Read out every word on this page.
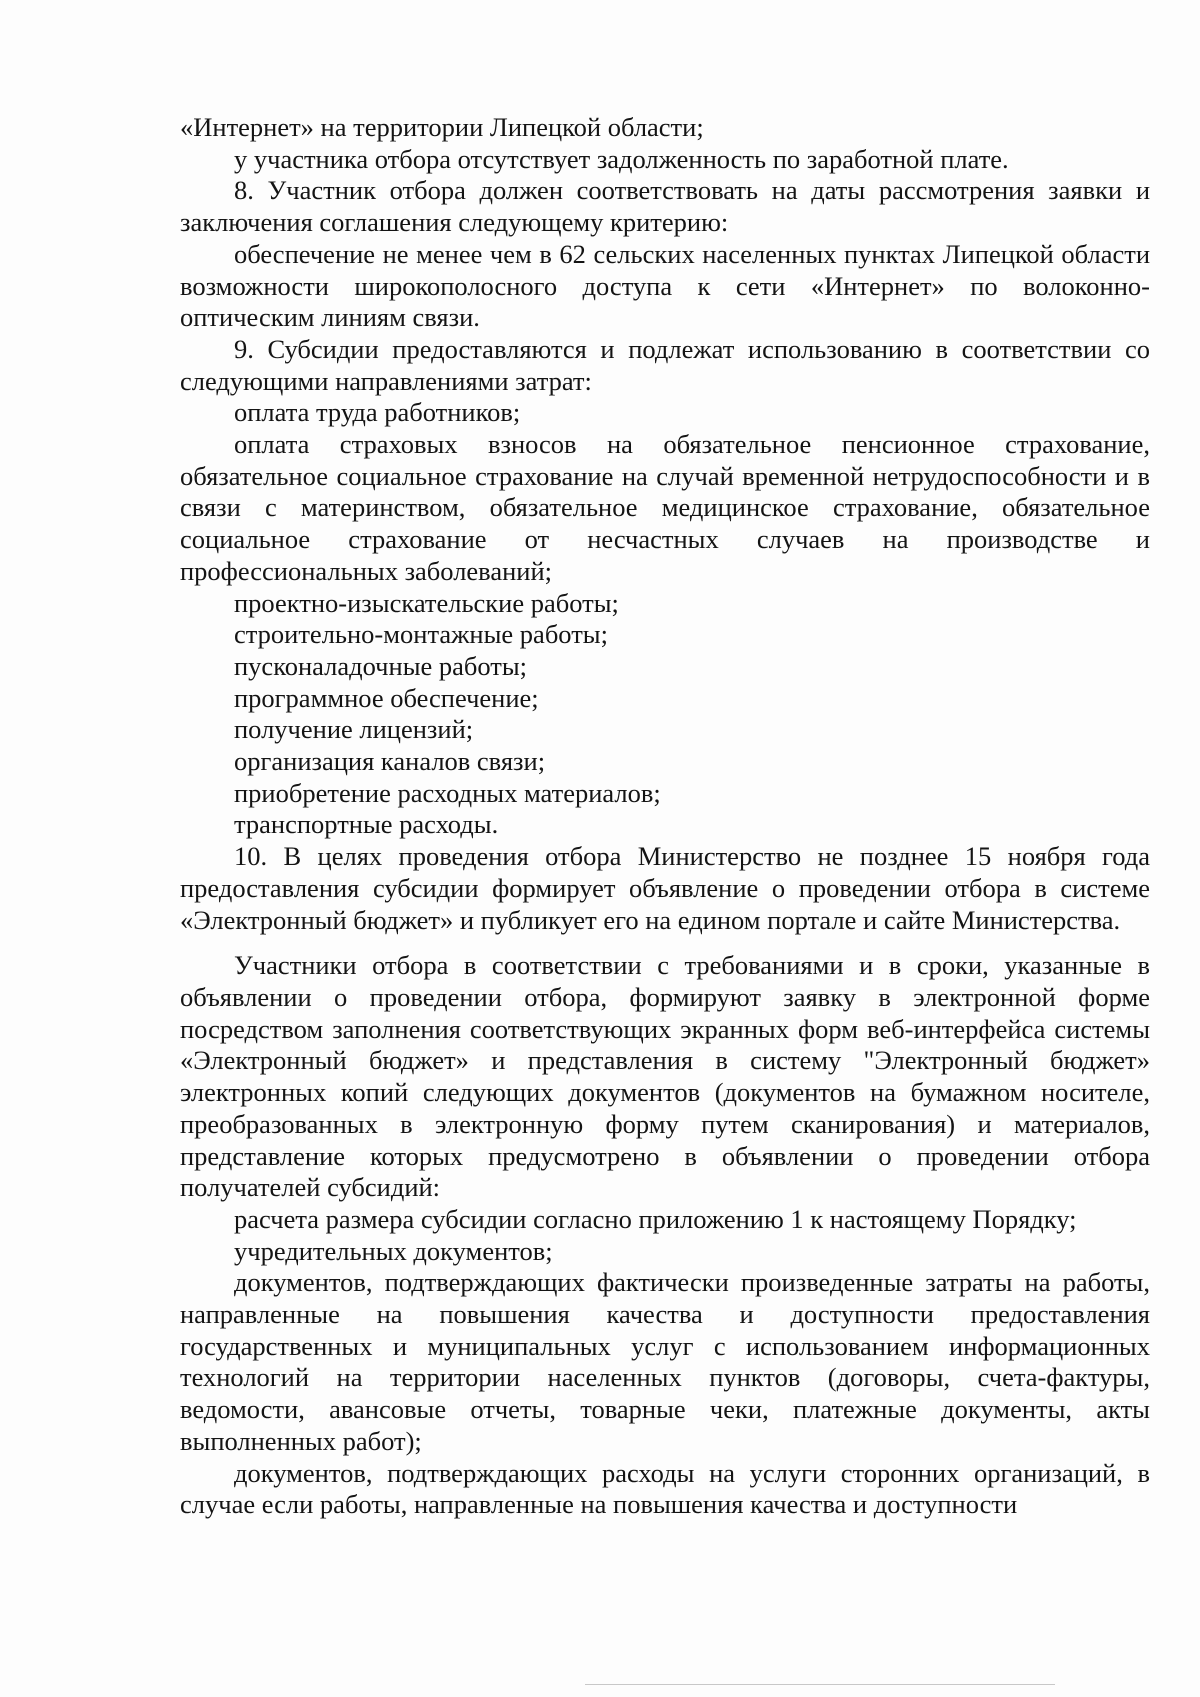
«Интернет» на территории Липецкой области;

у участника отбора отсутствует задолженность по заработной плате.

8. Участник отбора должен соответствовать на даты рассмотрения заявки и заключения соглашения следующему критерию:

обеспечение не менее чем в 62 сельских населенных пунктах Липецкой области возможности широкополосного доступа к сети «Интернет» по волоконно-оптическим линиям связи.

9. Субсидии предоставляются и подлежат использованию в соответствии со следующими направлениями затрат:

оплата труда работников;

оплата страховых взносов на обязательное пенсионное страхование, обязательное социальное страхование на случай временной нетрудоспособности и в связи с материнством, обязательное медицинское страхование, обязательное социальное страхование от несчастных случаев на производстве и профессиональных заболеваний;

проектно-изыскательские работы;

строительно-монтажные работы;

пусконаладочные работы;

программное обеспечение;

получение лицензий;

организация каналов связи;

приобретение расходных материалов;

транспортные расходы.

10. В целях проведения отбора Министерство не позднее 15 ноября года предоставления субсидии формирует объявление о проведении отбора в системе «Электронный бюджет» и публикует его на едином портале и сайте Министерства.

Участники отбора в соответствии с требованиями и в сроки, указанные в объявлении о проведении отбора, формируют заявку в электронной форме посредством заполнения соответствующих экранных форм веб-интерфейса системы «Электронный бюджет» и представления в систему "Электронный бюджет» электронных копий следующих документов (документов на бумажном носителе, преобразованных в электронную форму путем сканирования) и материалов, представление которых предусмотрено в объявлении о проведении отбора получателей субсидий:

расчета размера субсидии согласно приложению 1 к настоящему Порядку;

учредительных документов;

документов, подтверждающих фактически произведенные затраты на работы, направленные на повышения качества и доступности предоставления государственных и муниципальных услуг с использованием информационных технологий на территории населенных пунктов (договоры, счета-фактуры, ведомости, авансовые отчеты, товарные чеки, платежные документы, акты выполненных работ);

документов, подтверждающих расходы на услуги сторонних организаций, в случае если работы, направленные на повышения качества и доступности
